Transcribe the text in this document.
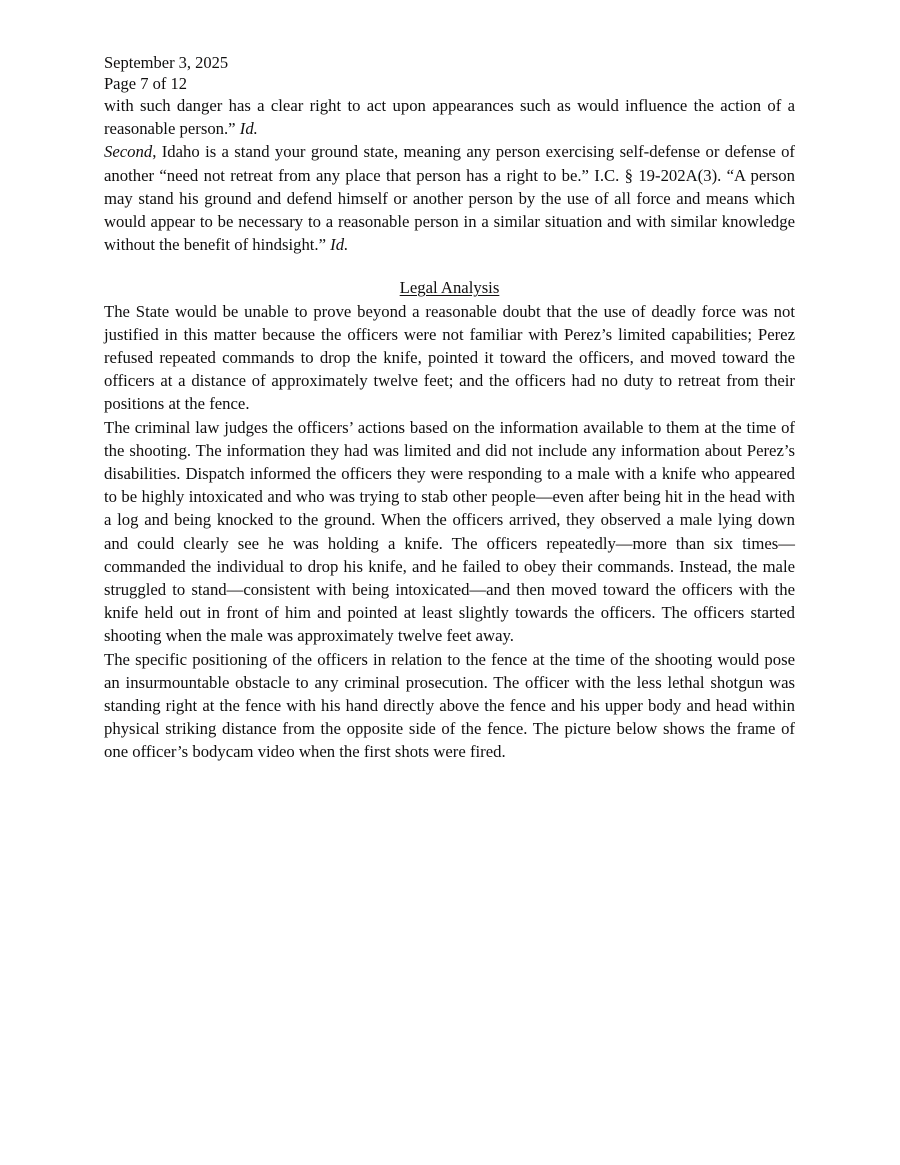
September 3, 2025
Page 7 of 12

with such danger has a clear right to act upon appearances such as would influence the action of a reasonable person.” Id.

Second, Idaho is a stand your ground state, meaning any person exercising self-defense or defense of another “need not retreat from any place that person has a right to be.” I.C. § 19-202A(3). “A person may stand his ground and defend himself or another person by the use of all force and means which would appear to be necessary to a reasonable person in a similar situation and with similar knowledge without the benefit of hindsight.” Id.

Legal Analysis

The State would be unable to prove beyond a reasonable doubt that the use of deadly force was not justified in this matter because the officers were not familiar with Perez’s limited capabilities; Perez refused repeated commands to drop the knife, pointed it toward the officers, and moved toward the officers at a distance of approximately twelve feet; and the officers had no duty to retreat from their positions at the fence.

The criminal law judges the officers’ actions based on the information available to them at the time of the shooting. The information they had was limited and did not include any information about Perez’s disabilities. Dispatch informed the officers they were responding to a male with a knife who appeared to be highly intoxicated and who was trying to stab other people—even after being hit in the head with a log and being knocked to the ground. When the officers arrived, they observed a male lying down and could clearly see he was holding a knife. The officers repeatedly—more than six times—commanded the individual to drop his knife, and he failed to obey their commands. Instead, the male struggled to stand—consistent with being intoxicated—and then moved toward the officers with the knife held out in front of him and pointed at least slightly towards the officers. The officers started shooting when the male was approximately twelve feet away.

The specific positioning of the officers in relation to the fence at the time of the shooting would pose an insurmountable obstacle to any criminal prosecution. The officer with the less lethal shotgun was standing right at the fence with his hand directly above the fence and his upper body and head within physical striking distance from the opposite side of the fence. The picture below shows the frame of one officer’s bodycam video when the first shots were fired.
